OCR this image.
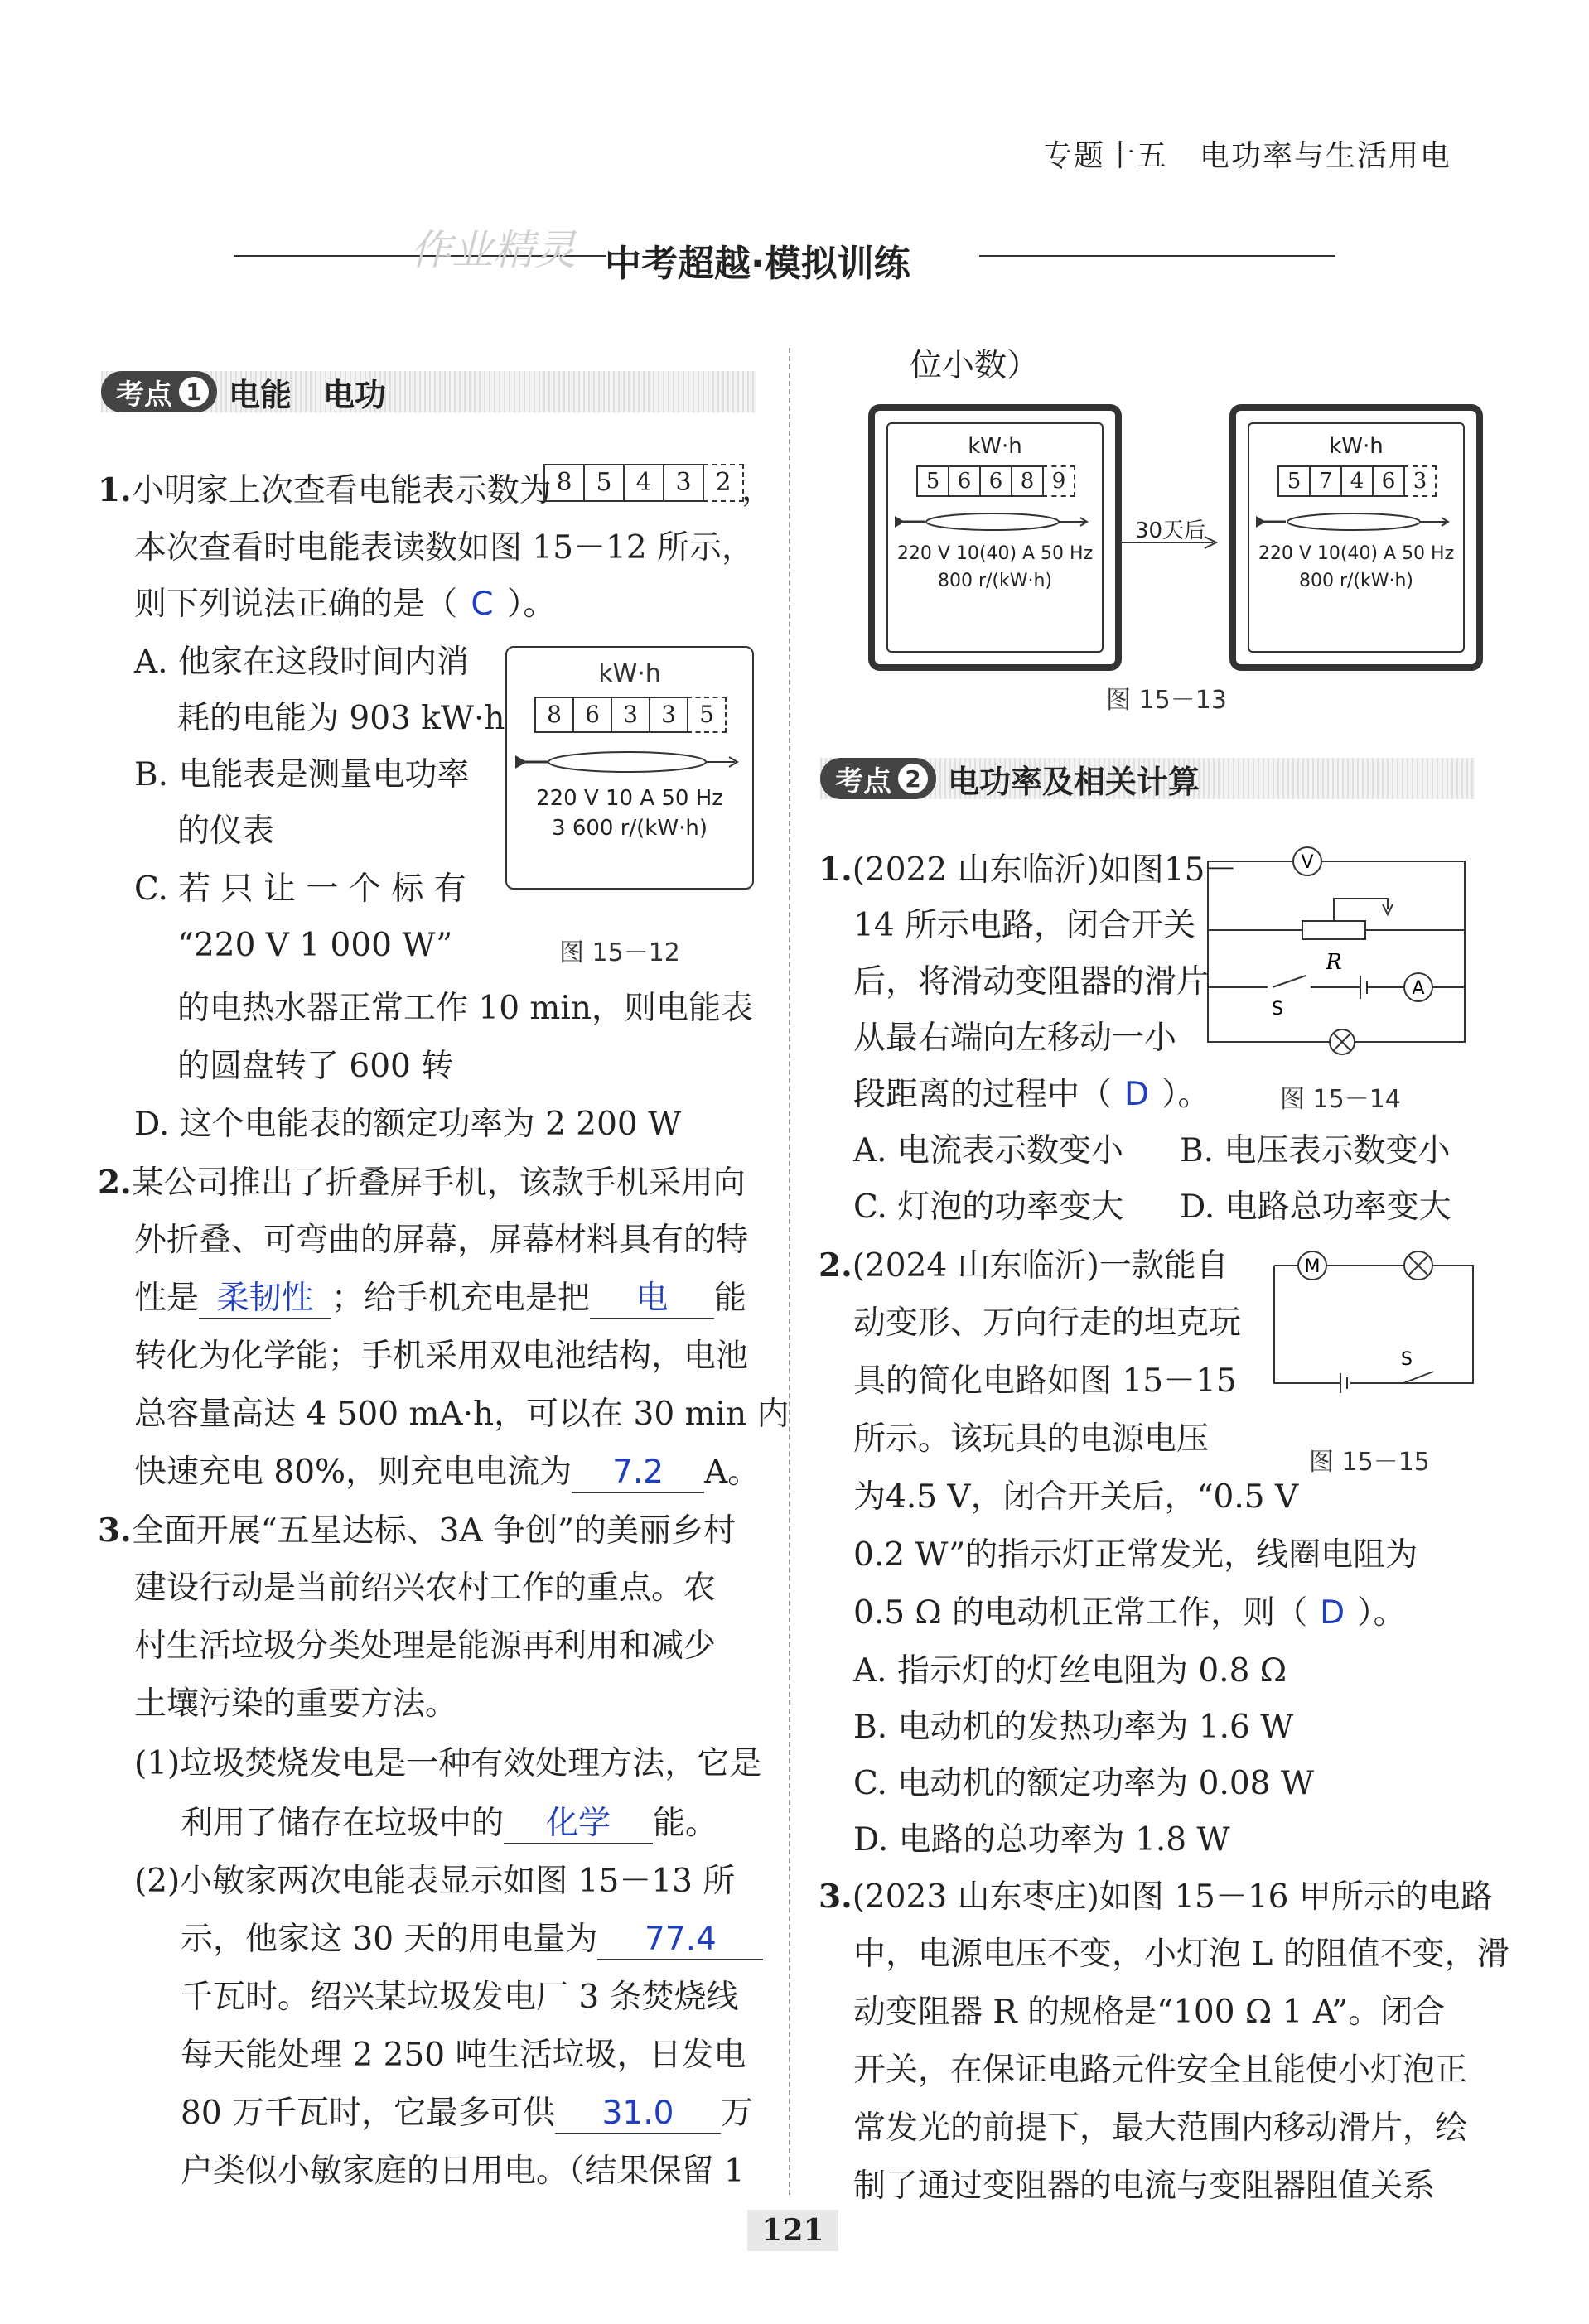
专题十五　电功率与生活用电
作业精灵 中考超越·模拟训练
考点 1 电能　电功
1.小明家上次查看电能表示数为 8 5 4 3 2 ，
本次查看时电能表读数如图 15－12 所示，
则下列说法正确的是（ C ）。
A. 他家在这段时间内消
耗的电能为 903 kW·h
B. 电能表是测量电功率
的仪表
C. 若 只 让 一 个 标 有
“220 V 1 000 W”
的电热水器正常工作 10 min，则电能表
的圆盘转了 600 转
D. 这个电能表的额定功率为 2 200 W
kW·h
8	6	3	3	5
220 V 10 A 50 Hz
3 600 r/(kW·h)
图 15－12
2.某公司推出了折叠屏手机，该款手机采用向
外折叠、可弯曲的屏幕，屏幕材料具有的特
性是 柔韧性 ；给手机充电是把 电 能
转化为化学能；手机采用双电池结构，电池
总容量高达 4 500 mA·h，可以在 30 min 内
快速充电 80%，则充电电流为 7.2 A。
3.全面开展“五星达标、3A 争创”的美丽乡村
建设行动是当前绍兴农村工作的重点。农
村生活垃圾分类处理是能源再利用和减少
土壤污染的重要方法。
(1)垃圾焚烧发电是一种有效处理方法，它是
利用了储存在垃圾中的 化学 能。
(2)小敏家两次电能表显示如图 15－13 所
示，他家这 30 天的用电量为 77.4
千瓦时。绍兴某垃圾发电厂 3 条焚烧线
每天能处理 2 250 吨生活垃圾，日发电
80 万千瓦时，它最多可供 31.0 万
户类似小敏家庭的日用电。（结果保留 1
位小数）
kW·h
5 6 6 8 9
220 V 10(40) A 50 Hz
800 r/(kW·h)
30天后
kW·h
5 7 4 6 3
220 V 10(40) A 50 Hz
800 r/(kW·h)
图 15－13
考点 2 电功率及相关计算
1.(2022 山东临沂)如图15－
14 所示电路，闭合开关
后，将滑动变阻器的滑片
从最右端向左移动一小
段距离的过程中（ D ）。
A. 电流表示数变小 B. 电压表示数变小
C. 灯泡的功率变大 D. 电路总功率变大
V
R
S
A
图 15－14
2.(2024 山东临沂)一款能自
动变形、万向行走的坦克玩
具的简化电路如图 15－15
所示。该玩具的电源电压
为4.5 V，闭合开关后，“0.5 V
0.2 W”的指示灯正常发光，线圈电阻为
0.5 Ω 的电动机正常工作，则（ D ）。
A. 指示灯的灯丝电阻为 0.8 Ω
B. 电动机的发热功率为 1.6 W
C. 电动机的额定功率为 0.08 W
D. 电路的总功率为 1.8 W
M
S
图 15－15
3.(2023 山东枣庄)如图 15－16 甲所示的电路
中，电源电压不变，小灯泡 L 的阻值不变，滑
动变阻器 R 的规格是“100 Ω 1 A”。闭合
开关，在保证电路元件安全且能使小灯泡正
常发光的前提下，最大范围内移动滑片，绘
制了通过变阻器的电流与变阻器阻值关系
121
